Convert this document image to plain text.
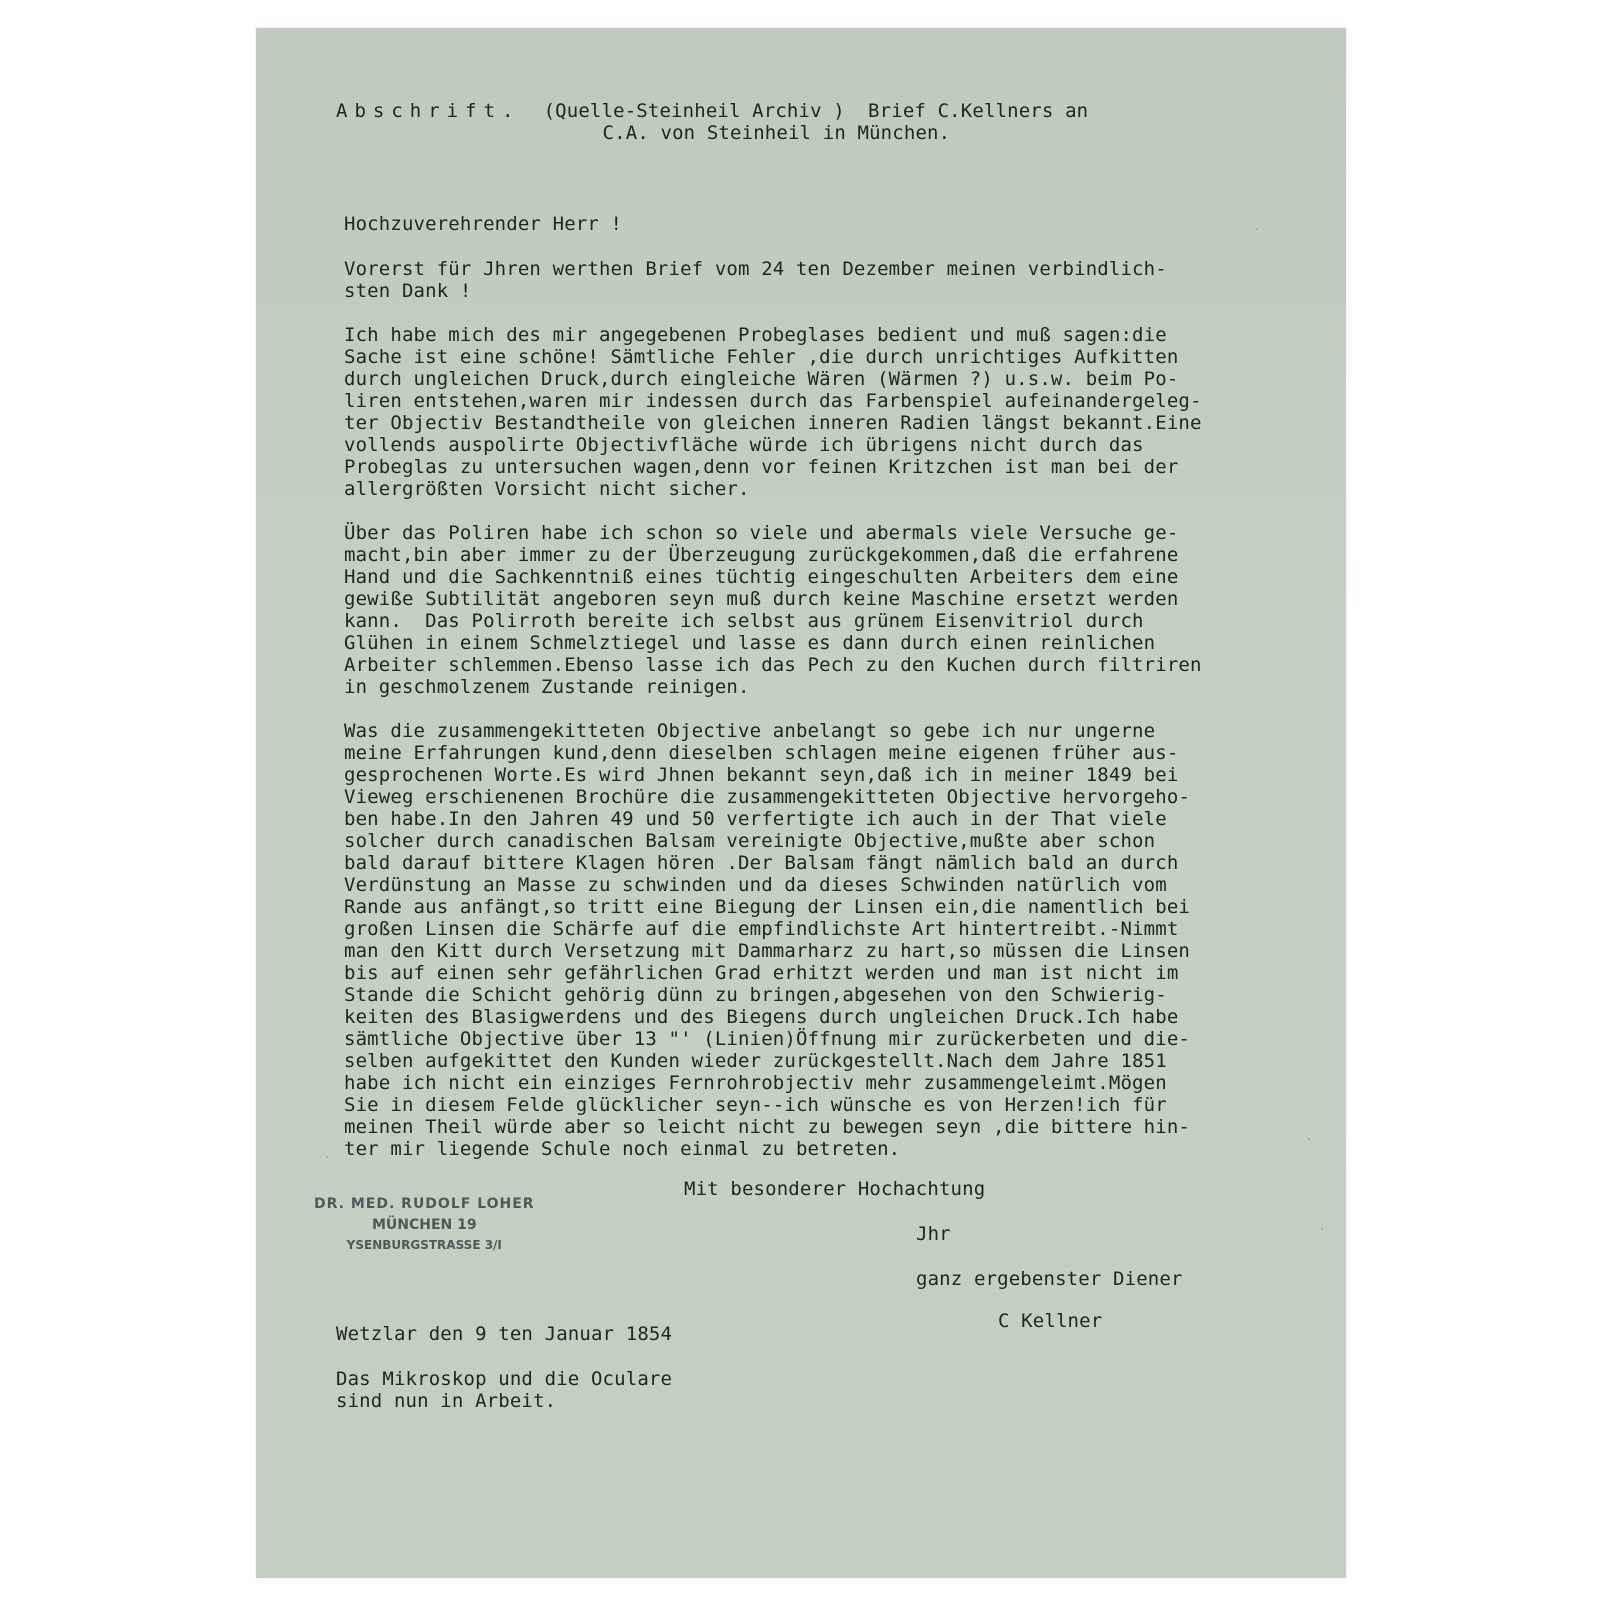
Abschrift.  (Quelle-Steinheil Archiv )  Brief C.Kellners an
C.A. von Steinheil in München.
Hochzuverehrender Herr !
Vorerst für Jhren werthen Brief vom 24 ten Dezember meinen verbindlich-
sten Dank !
Ich habe mich des mir angegebenen Probeglases bedient und muß sagen:die
Sache ist eine schöne! Sämtliche Fehler ,die durch unrichtiges Aufkitten
durch ungleichen Druck,durch eingleiche Wären (Wärmen ?) u.s.w. beim Po-
liren entstehen,waren mir indessen durch das Farbenspiel aufeinandergeleg-
ter Objectiv Bestandtheile von gleichen inneren Radien längst bekannt.Eine
vollends auspolirte Objectivfläche würde ich übrigens nicht durch das
Probeglas zu untersuchen wagen,denn vor feinen Kritzchen ist man bei der
allergrößten Vorsicht nicht sicher.
Über das Poliren habe ich schon so viele und abermals viele Versuche ge-
macht,bin aber immer zu der Überzeugung zurückgekommen,daß die erfahrene
Hand und die Sachkenntniß eines tüchtig eingeschulten Arbeiters dem eine
gewiße Subtilität angeboren seyn muß durch keine Maschine ersetzt werden
kann.  Das Polirroth bereite ich selbst aus grünem Eisenvitriol durch
Glühen in einem Schmelztiegel und lasse es dann durch einen reinlichen
Arbeiter schlemmen.Ebenso lasse ich das Pech zu den Kuchen durch filtriren
in geschmolzenem Zustande reinigen.
Was die zusammengekitteten Objective anbelangt so gebe ich nur ungerne
meine Erfahrungen kund,denn dieselben schlagen meine eigenen früher aus-
gesprochenen Worte.Es wird Jhnen bekannt seyn,daß ich in meiner 1849 bei
Vieweg erschienenen Brochüre die zusammengekitteten Objective hervorgeho-
ben habe.In den Jahren 49 und 50 verfertigte ich auch in der That viele
solcher durch canadischen Balsam vereinigte Objective,mußte aber schon
bald darauf bittere Klagen hören .Der Balsam fängt nämlich bald an durch
Verdünstung an Masse zu schwinden und da dieses Schwinden natürlich vom
Rande aus anfängt,so tritt eine Biegung der Linsen ein,die namentlich bei
großen Linsen die Schärfe auf die empfindlichste Art hintertreibt.-Nimmt
man den Kitt durch Versetzung mit Dammarharz zu hart,so müssen die Linsen
bis auf einen sehr gefährlichen Grad erhitzt werden und man ist nicht im
Stande die Schicht gehörig dünn zu bringen,abgesehen von den Schwierig-
keiten des Blasigwerdens und des Biegens durch ungleichen Druck.Ich habe
sämtliche Objective über 13 "' (Linien)Öffnung mir zurückerbeten und die-
selben aufgekittet den Kunden wieder zurückgestellt.Nach dem Jahre 1851
habe ich nicht ein einziges Fernrohrobjectiv mehr zusammengeleimt.Mögen
Sie in diesem Felde glücklicher seyn--ich wünsche es von Herzen!ich für
meinen Theil würde aber so leicht nicht zu bewegen seyn ,die bittere hin-
ter mir liegende Schule noch einmal zu betreten.
Mit besonderer Hochachtung
Jhr
ganz ergebenster Diener
C Kellner
DR. MED. RUDOLF LOHER
MÜNCHEN 19
YSENBURGSTRASSE 3/I
Wetzlar den 9 ten Januar 1854
Das Mikroskop und die Oculare
sind nun in Arbeit.
